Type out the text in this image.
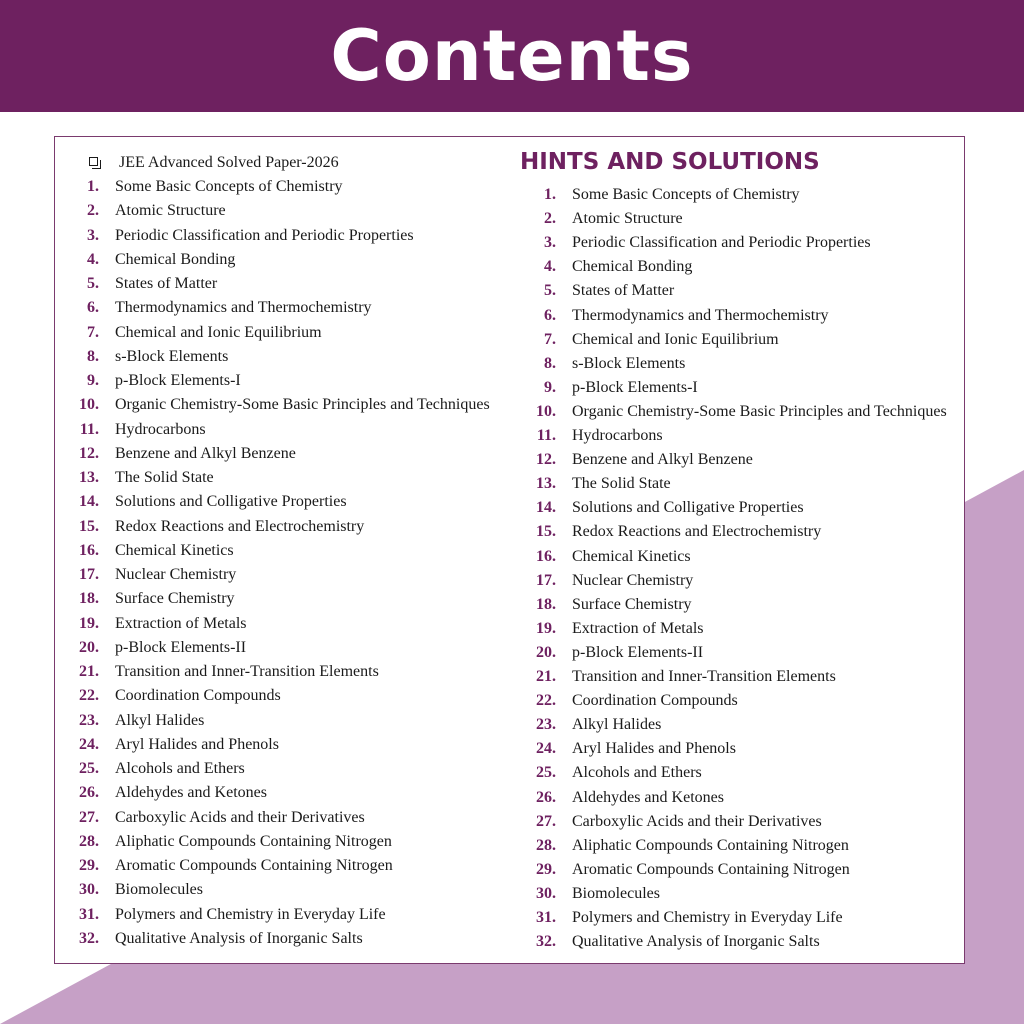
Contents
JEE Advanced Solved Paper-2026
1. Some Basic Concepts of Chemistry
2. Atomic Structure
3. Periodic Classification and Periodic Properties
4. Chemical Bonding
5. States of Matter
6. Thermodynamics and Thermochemistry
7. Chemical and Ionic Equilibrium
8. s-Block Elements
9. p-Block Elements-I
10. Organic Chemistry-Some Basic Principles and Techniques
11. Hydrocarbons
12. Benzene and Alkyl Benzene
13. The Solid State
14. Solutions and Colligative Properties
15. Redox Reactions and Electrochemistry
16. Chemical Kinetics
17. Nuclear Chemistry
18. Surface Chemistry
19. Extraction of Metals
20. p-Block Elements-II
21. Transition and Inner-Transition Elements
22. Coordination Compounds
23. Alkyl Halides
24. Aryl Halides and Phenols
25. Alcohols and Ethers
26. Aldehydes and Ketones
27. Carboxylic Acids and their Derivatives
28. Aliphatic Compounds Containing Nitrogen
29. Aromatic Compounds Containing Nitrogen
30. Biomolecules
31. Polymers and Chemistry in Everyday Life
32. Qualitative Analysis of Inorganic Salts
HINTS AND SOLUTIONS
1. Some Basic Concepts of Chemistry
2. Atomic Structure
3. Periodic Classification and Periodic Properties
4. Chemical Bonding
5. States of Matter
6. Thermodynamics and Thermochemistry
7. Chemical and Ionic Equilibrium
8. s-Block Elements
9. p-Block Elements-I
10. Organic Chemistry-Some Basic Principles and Techniques
11. Hydrocarbons
12. Benzene and Alkyl Benzene
13. The Solid State
14. Solutions and Colligative Properties
15. Redox Reactions and Electrochemistry
16. Chemical Kinetics
17. Nuclear Chemistry
18. Surface Chemistry
19. Extraction of Metals
20. p-Block Elements-II
21. Transition and Inner-Transition Elements
22. Coordination Compounds
23. Alkyl Halides
24. Aryl Halides and Phenols
25. Alcohols and Ethers
26. Aldehydes and Ketones
27. Carboxylic Acids and their Derivatives
28. Aliphatic Compounds Containing Nitrogen
29. Aromatic Compounds Containing Nitrogen
30. Biomolecules
31. Polymers and Chemistry in Everyday Life
32. Qualitative Analysis of Inorganic Salts
